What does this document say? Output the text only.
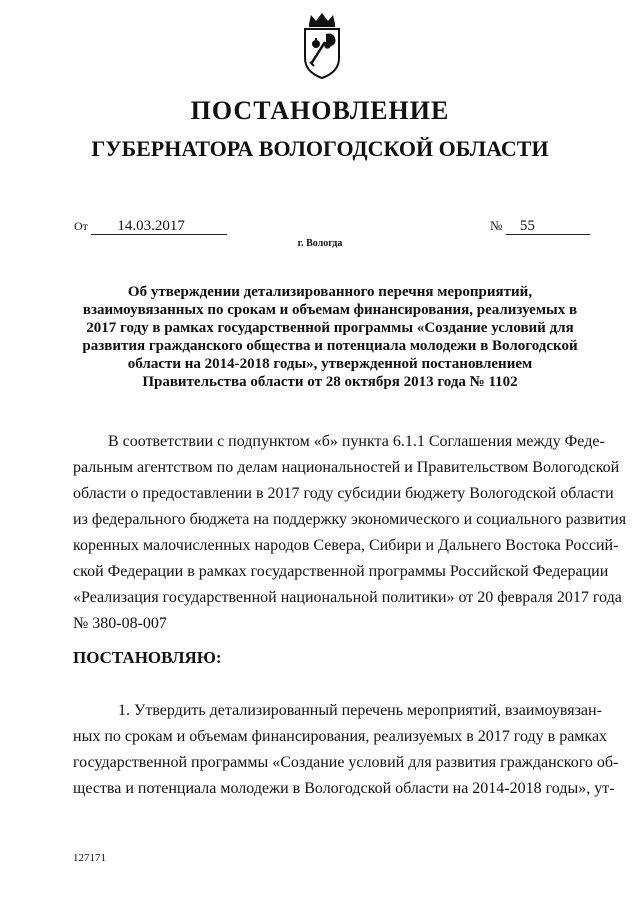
ПОСТАНОВЛЕНИЕ
ГУБЕРНАТОРА ВОЛОГОДСКОЙ ОБЛАСТИ
От 14.03.2017	№ 55
г. Вологда
Об утверждении детализированного перечня мероприятий,
взаимоувязанных по срокам и объемам финансирования, реализуемых в
2017 году в рамках государственной программы «Создание условий для
развития гражданского общества и потенциала молодежи в Вологодской
области на 2014-2018 годы», утвержденной постановлением
Правительства области от 28 октября 2013 года № 1102
В соответствии с подпунктом «б» пункта 6.1.1 Соглашения между Феде-
ральным агентством по делам национальностей и Правительством Вологодской
области о предоставлении в 2017 году субсидии бюджету Вологодской области
из федерального бюджета на поддержку экономического и социального развития
коренных малочисленных народов Севера, Сибири и Дальнего Востока Россий-
ской Федерации в рамках государственной программы Российской Федерации
«Реализация государственной национальной политики» от 20 февраля 2017 года
№ 380-08-007
ПОСТАНОВЛЯЮ:
1. Утвердить детализированный перечень мероприятий, взаимоувязан-
ных по срокам и объемам финансирования, реализуемых в 2017 году в рамках
государственной программы «Создание условий для развития гражданского об-
щества и потенциала молодежи в Вологодской области на 2014-2018 годы», ут-
127171
